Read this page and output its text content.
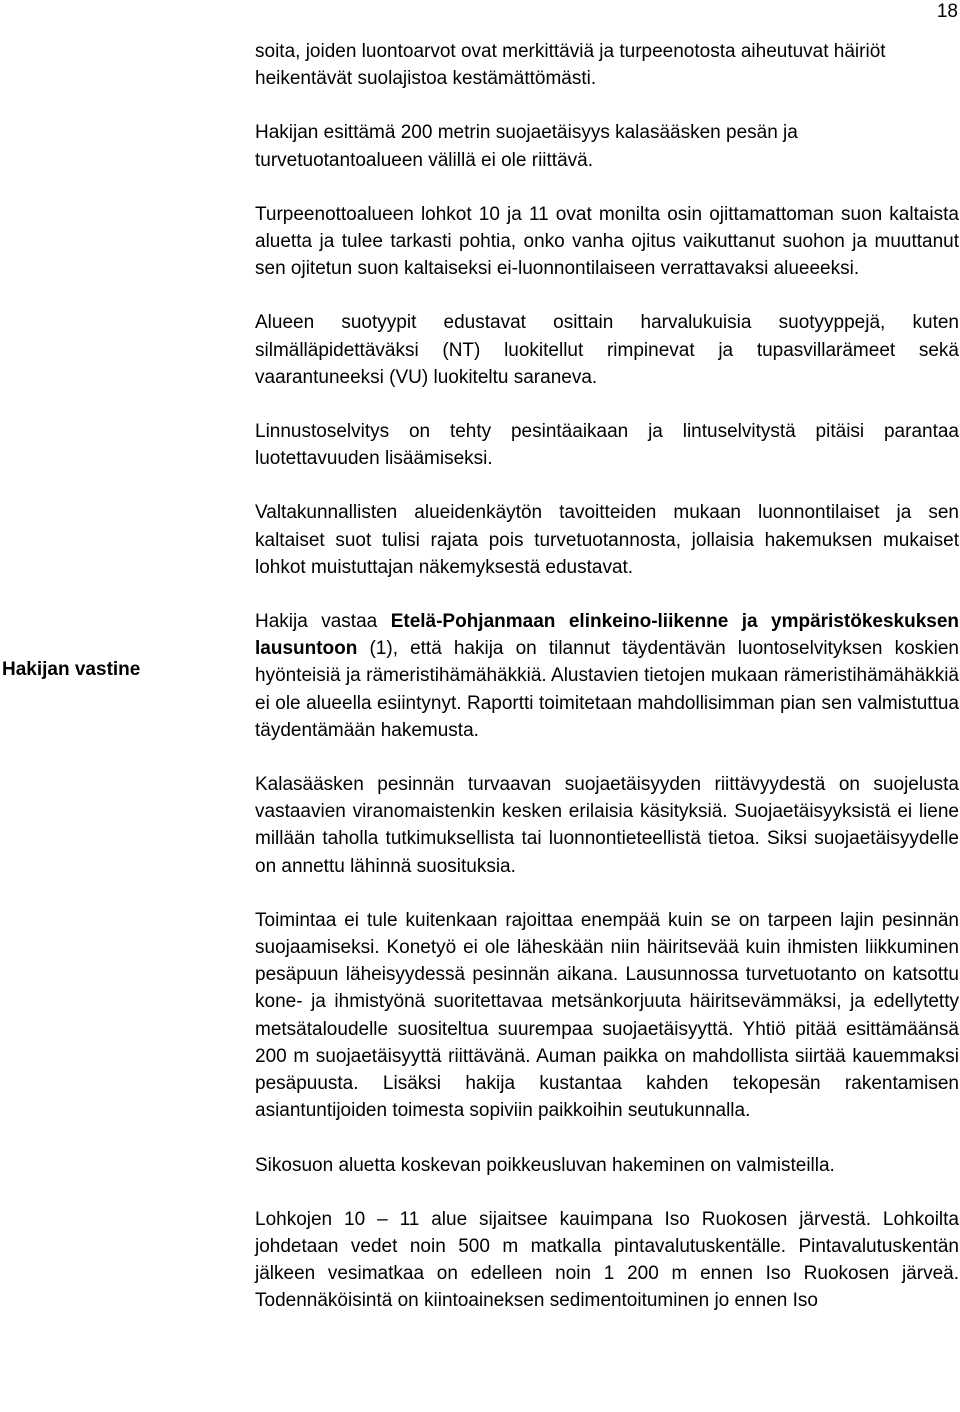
18
Hakijan vastine

soita, joiden luontoarvot ovat merkittäviä ja turpeenotosta aiheutuvat häiriöt heikentävät suolajistoa kestämättömästi.

Hakijan esittämä 200 metrin suojaetäisyys kalasääsken pesän ja turvetuotantoalueen välillä ei ole riittävä.

Turpeenottoalueen lohkot 10 ja 11 ovat monilta osin ojittamattoman suon kaltaista aluetta ja tulee tarkasti pohtia, onko vanha ojitus vaikuttanut suohon ja muuttanut sen ojitetun suon kaltaiseksi ei-luonnontilaiseen verrattavaksi alueeeksi.

Alueen suotyypit edustavat osittain harvalukuisia suotyyppejä, kuten silmälläpidettäväksi (NT) luokitellut rimpinevat ja tupasvillarämeet sekä vaarantuneeksi (VU) luokiteltu saraneva.

Linnustoselvitys on tehty pesintäaikaan ja lintuselvitystä pitäisi parantaa luotettavuuden lisäämiseksi.

Valtakunnallisten alueidenkäytön tavoitteiden mukaan luonnontilaiset ja sen kaltaiset suot tulisi rajata pois turvetuotannosta, jollaisia hakemuksen mukaiset lohkot muistuttajan näkemyksestä edustavat.

Hakija vastaa Etelä-Pohjanmaan elinkeino-liikenne ja ympäristökeskuksen lausuntoon (1), että hakija on tilannut täydentävän luontoselvityksen koskien hyönteisiä ja rämeristihämähäkkiä. Alustavien tietojen mukaan rämeristihämähäkkiä ei ole alueella esiintynyt. Raportti toimitetaan mahdollisimman pian sen valmistuttua täydentämään hakemusta.

Kalasääsken pesinnän turvaavan suojaetäisyyden riittävyydestä on suojelusta vastaavien viranomaistenkin kesken erilaisia käsityksiä. Suojaetäisyyksistä ei liene millään taholla tutkimuksellista tai luonnontieteellistä tietoa. Siksi suojaetäisyydelle on annettu lähinnä suosituksia.

Toimintaa ei tule kuitenkaan rajoittaa enempää kuin se on tarpeen lajin pesinnän suojaamiseksi. Konetyö ei ole läheskään niin häiritsevää kuin ihmisten liikkuminen pesäpuun läheisyydessä pesinnän aikana. Lausunnossa turvetuotanto on katsottu kone- ja ihmistyönä suoritettavaa metsänkorjuuta häiritsevämmäksi, ja edellytetty metsätaloudelle suositeltua suurempaa suojaetäisyyttä. Yhtiö pitää esittämäänsä 200 m suojaetäisyyttä riittävänä. Auman paikka on mahdollista siirtää kauemmaksi pesäpuusta. Lisäksi hakija kustantaa kahden tekopesän rakentamisen asiantuntijoiden toimesta sopiviin paikkoihin seutukunnalla.

Sikosuon aluetta koskevan poikkeusluvan hakeminen on valmisteilla.

Lohkojen 10 – 11 alue sijaitsee kauimpana Iso Ruokosen järvestä. Lohkoilta johdetaan vedet noin 500 m matkalla pintavalutuskentälle. Pintavalutuskentän jälkeen vesimatkaa on edelleen noin 1 200 m ennen Iso Ruokosen järveä. Todennäköisintä on kiintoaineksen sedimentoituminen jo ennen Iso
